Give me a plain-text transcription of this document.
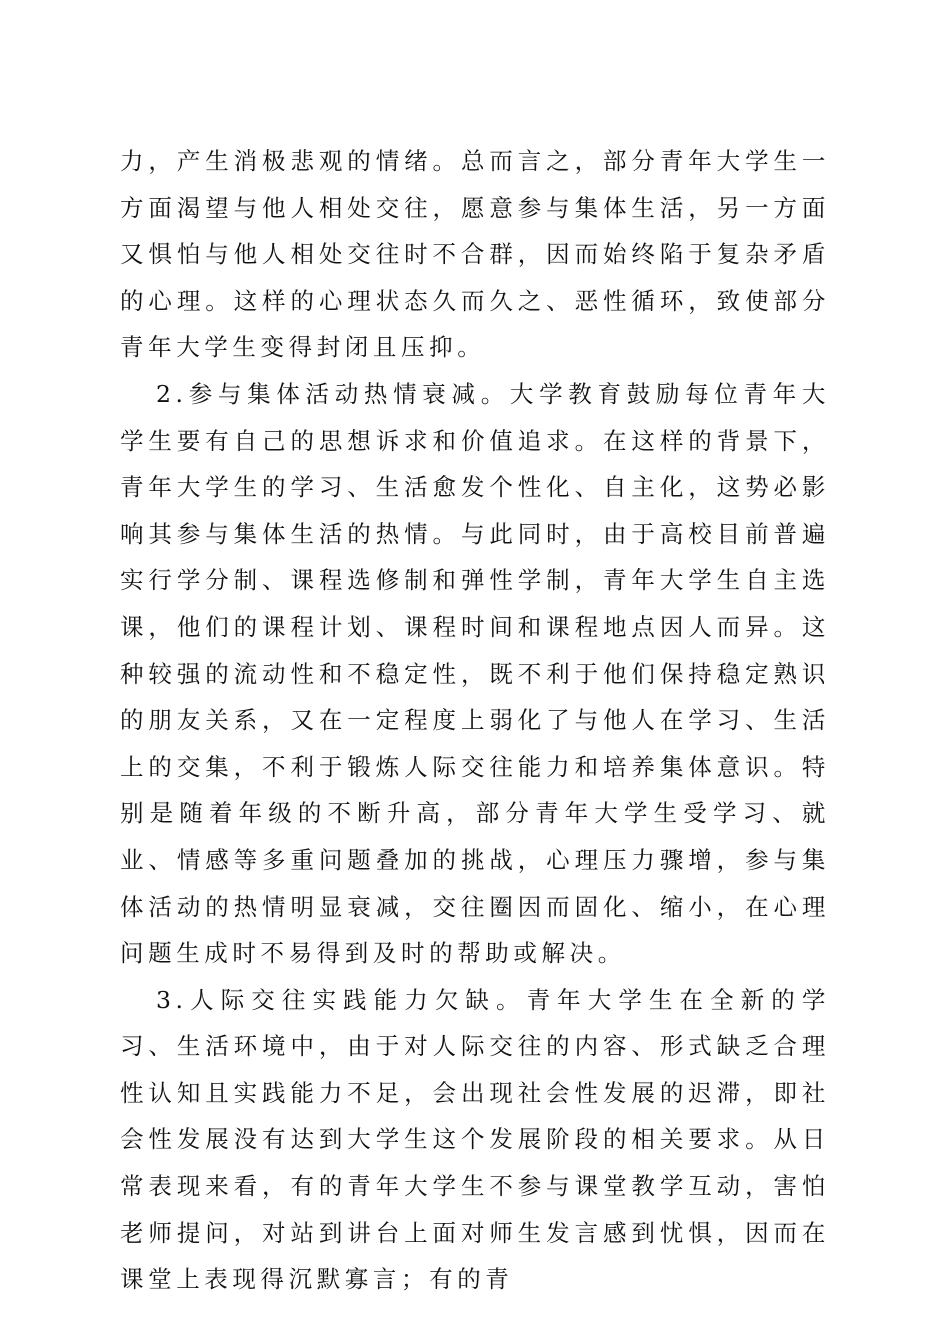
力，产生消极悲观的情绪。总而言之，部分青年大学生一方面渴望与他人相处交往，愿意参与集体生活，另一方面又惧怕与他人相处交往时不合群，因而始终陷于复杂矛盾的心理。这样的心理状态久而久之、恶性循环，致使部分青年大学生变得封闭且压抑。

2.参与集体活动热情衰减。大学教育鼓励每位青年大学生要有自己的思想诉求和价值追求。在这样的背景下，青年大学生的学习、生活愈发个性化、自主化，这势必影响其参与集体生活的热情。与此同时，由于高校目前普遍实行学分制、课程选修制和弹性学制，青年大学生自主选课，他们的课程计划、课程时间和课程地点因人而异。这种较强的流动性和不稳定性，既不利于他们保持稳定熟识的朋友关系，又在一定程度上弱化了与他人在学习、生活上的交集，不利于锻炼人际交往能力和培养集体意识。特别是随着年级的不断升高，部分青年大学生受学习、就业、情感等多重问题叠加的挑战，心理压力骤增，参与集体活动的热情明显衰减，交往圈因而固化、缩小，在心理问题生成时不易得到及时的帮助或解决。

3.人际交往实践能力欠缺。青年大学生在全新的学习、生活环境中，由于对人际交往的内容、形式缺乏合理性认知且实践能力不足，会出现社会性发展的迟滞，即社会性发展没有达到大学生这个发展阶段的相关要求。从日常表现来看，有的青年大学生不参与课堂教学互动，害怕老师提问，对站到讲台上面对师生发言感到忧惧，因而在课堂上表现得沉默寡言；有的青
